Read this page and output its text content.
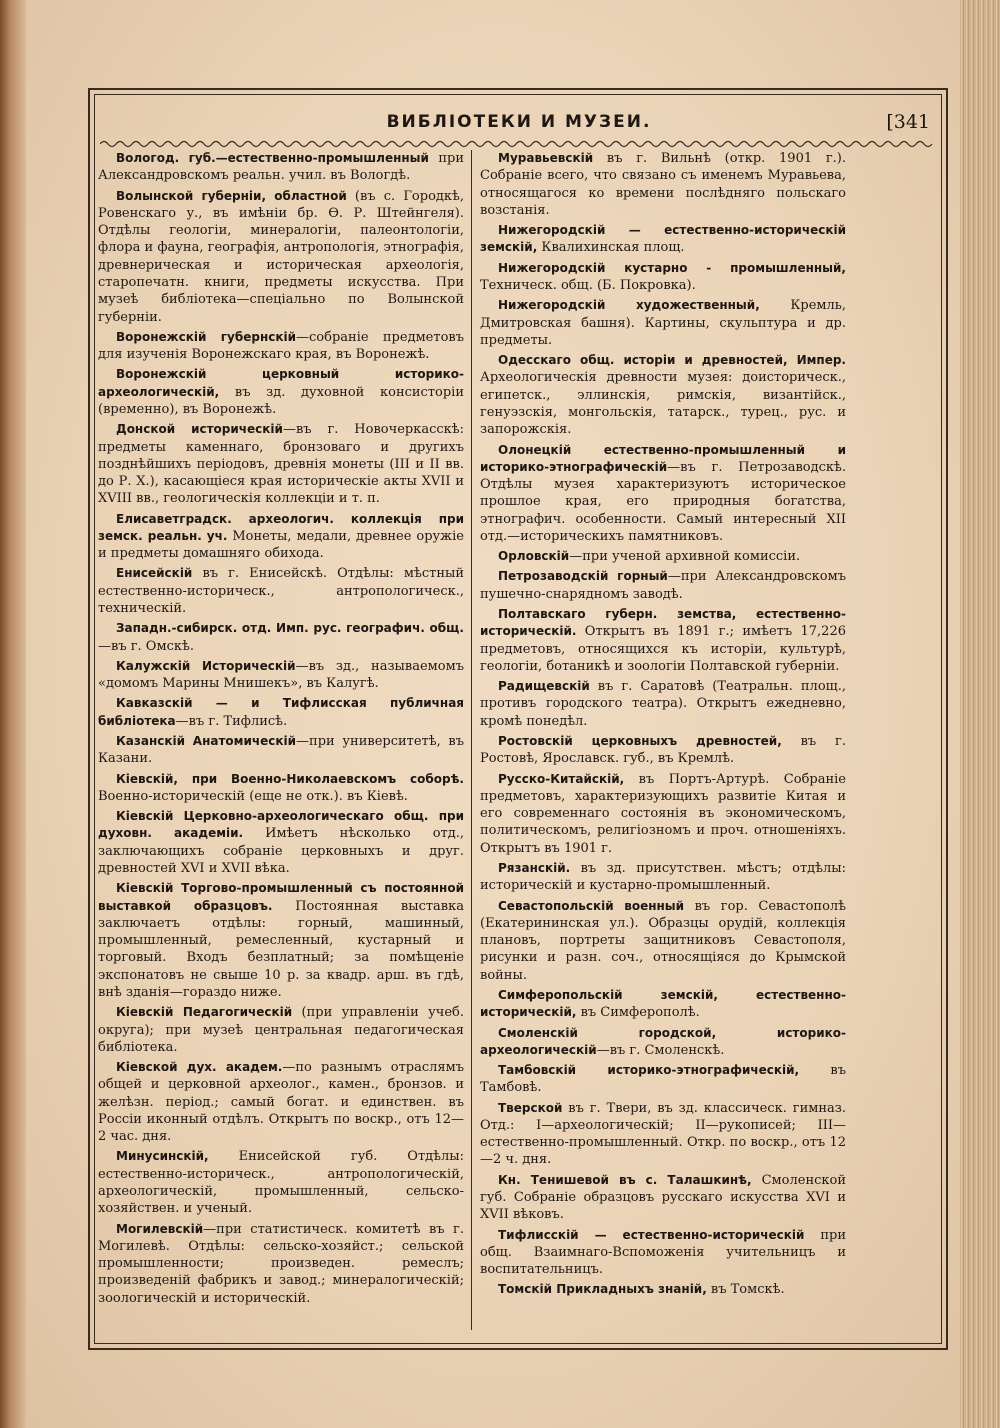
ВИБЛІОТЕКИ И МУЗЕИ.	[341

Вологод. губ.—естественно-промышленный при Александровскомъ реальн. учил. въ Вологдѣ.

Волынской губерніи, областной (въ с. Городкѣ, Ровенскаго у., въ имѣніи бр. Ѳ. Р. Штейнгеля). Отдѣлы геологіи, минералогіи, палеонтологіи, флора и фауна, географія, антропологія, этнографія, древнерическая и историческая археологія, старопечатн. книги, предметы искусства. При музеѣ библіотека—спеціально по Волынской губерніи.

Воронежскій губернскій—собраніе предметовъ для изученія Воронежскаго края, въ Воронежѣ.

Воронежскій церковный историко-археологическій, въ зд. духовной консисторіи (временно), въ Воронежѣ.

Донской историческій—въ г. Новочеркасскѣ: предметы каменнаго, бронзоваго и другихъ позднѣйшихъ періодовъ, древнія монеты (III и II вв. до Р. Х.), касающіеся края историческіе акты XVII и XVIII вв., геологическія коллекціи и т. п.

Елисаветградск. археологич. коллекція при земск. реальн. уч. Монеты, медали, древнее оружіе и предметы домашняго обихода.

Енисейскій въ г. Енисейскѣ. Отдѣлы: мѣстный естественно-историческ., антропологическ., техническій.

Западн.-сибирск. отд. Имп. рус. географич. общ.—въ г. Омскѣ.

Калужскій Историческій—въ зд., называемомъ «домомъ Марины Мнишекъ», въ Калугѣ.

Кавказскій — и Тифлисская публичная библіотека—въ г. Тифлисѣ.

Казанскій Анатомическій—при университетѣ, въ Казани.

Кіевскій, при Военно-Николаевскомъ соборѣ. Военно-историческій (еще не отк.). въ Кіевѣ.

Кіевскій Церковно-археологическаго общ. при духовн. академіи. Имѣетъ нѣсколько отд., заключающихъ собраніе церковныхъ и друг. древностей XVI и XVII вѣка.

Кіевскій Торгово-промышленный съ постоянной выставкой образцовъ. Постоянная выставка заключаетъ отдѣлы: горный, машинный, промышленный, ремесленный, кустарный и торговый. Входъ безплатный; за помѣщеніе экспонатовъ не свыше 10 р. за квадр. арш. въ гдѣ, внѣ зданія—гораздо ниже.

Кіевскій Педагогическій (при управленіи учеб. округа); при музеѣ центральная педагогическая библіотека.

Кіевской дух. академ.—по разнымъ отраслямъ общей и церковной археолог., камен., бронзов. и желѣзн. період.; самый богат. и единствен. въ Россіи иконный отдѣлъ. Открытъ по воскр., отъ 12—2 час. дня.

Минусинскій, Енисейской губ. Отдѣлы: естественно-историческ., антропологическій, археологическій, промышленный, сельско-хозяйствен. и ученый.

Могилевскій—при статистическ. комитетѣ въ г. Могилевѣ. Отдѣлы: сельско-хозяйст.; сельской промышленности; произведен. ремеслъ; произведеній фабрикъ и завод.; минералогическій; зоологическій и историческій.

Муравьевскій въ г. Вильнѣ (откр. 1901 г.). Собраніе всего, что связано съ именемъ Муравьева, относящагося ко времени послѣдняго польскаго возстанія.

Нижегородскій — естественно-историческій земскій, Квалихинская площ.

Нижегородскій кустарно - промышленный, Техническ. общ. (Б. Покровка).

Нижегородскій художественный, Кремль, Дмитровская башня). Картины, скульптура и др. предметы.

Одесскаго общ. исторіи и древностей, Импер. Археологическія древности музея: доисторическ., египетск., эллинскія, римскія, византійск., генуэзскія, монгольскія, татарск., турец., рус. и запорожскія.

Олонецкій естественно-промышленный и историко-этнографическій—въ г. Петрозаводскѣ. Отдѣлы музея характеризуютъ историческое прошлое края, его природныя богатства, этнографич. особенности. Самый интересный XII отд.—историческихъ памятниковъ.

Орловскій—при ученой архивной комиссіи.

Петрозаводскій горный—при Александровскомъ пушечно-снарядномъ заводѣ.

Полтавскаго губерн. земства, естественно-историческій. Открытъ въ 1891 г.; имѣетъ 17,226 предметовъ, относящихся къ исторіи, культурѣ, геологіи, ботаникѣ и зоологіи Полтавской губерніи.

Радищевскій въ г. Саратовѣ (Театральн. площ., противъ городского театра). Открытъ ежедневно, кромѣ понедѣл.

Ростовскій церковныхъ древностей, въ г. Ростовѣ, Ярославск. губ., въ Кремлѣ.

Русско-Китайскій, въ Портъ-Артурѣ. Собраніе предметовъ, характеризующихъ развитіе Китая и его современнаго состоянія въ экономическомъ, политическомъ, религіозномъ и проч. отношеніяхъ. Открытъ въ 1901 г.

Рязанскій. въ зд. присутствен. мѣстъ; отдѣлы: историческій и кустарно-промышленный.

Севастопольскій военный въ гор. Севастополѣ (Екатерининская ул.). Образцы орудій, коллекція плановъ, портреты защитниковъ Севастополя, рисунки и разн. соч., относящіяся до Крымской войны.

Симферопольскій земскій, естественно-историческій, въ Симферополѣ.

Смоленскій городской, историко-археологическій—въ г. Смоленскѣ.

Тамбовскій историко-этнографическій, въ Тамбовѣ.

Тверской въ г. Твери, въ зд. классическ. гимназ. Отд.: I—археологическій; II—рукописей; III—естественно-промышленный. Откр. по воскр., отъ 12—2 ч. дня.

Кн. Тенишевой въ с. Талашкинѣ, Смоленской губ. Собраніе образцовъ русскаго искусства XVI и XVII вѣковъ.

Тифлисскій — естественно-историческій при общ. Взаимнаго-Вспоможенія учительницъ и воспитательницъ.

Томскій Прикладныхъ знаній, въ Томскѣ.
